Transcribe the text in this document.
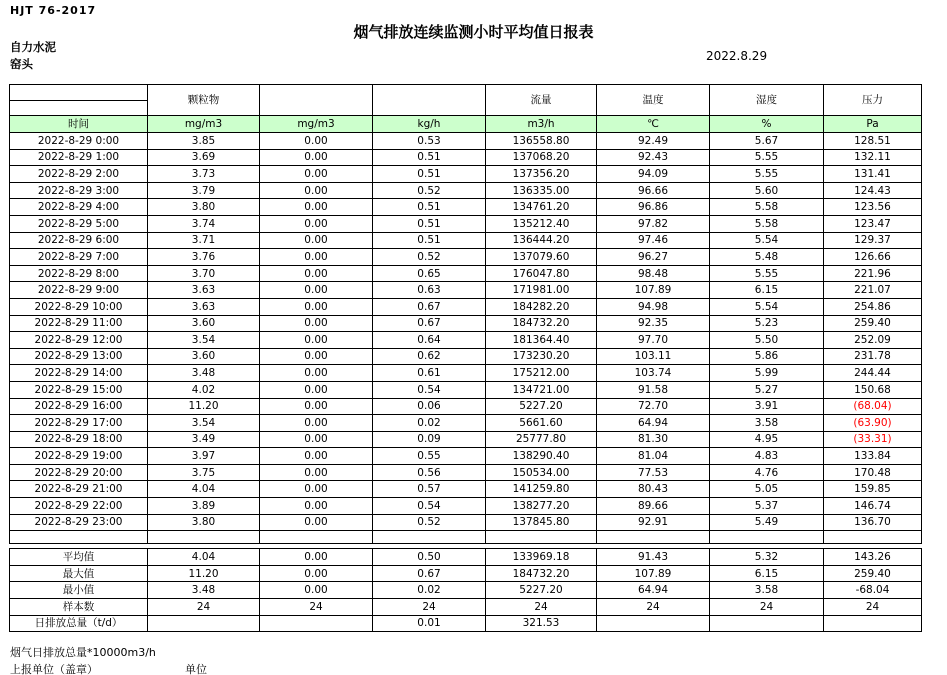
HJT 76-2017
烟气排放连续监测小时平均值日报表
自力水泥
窑头
2022.8.29
	颗粒物			流量	温度	湿度	压力

时间	mg/m3	mg/m3	kg/h	m3/h	℃	%	Pa
2022-8-29 0:00	3.85	0.00	0.53	136558.80	92.49	5.67	128.51
2022-8-29 1:00	3.69	0.00	0.51	137068.20	92.43	5.55	132.11
2022-8-29 2:00	3.73	0.00	0.51	137356.20	94.09	5.55	131.41
2022-8-29 3:00	3.79	0.00	0.52	136335.00	96.66	5.60	124.43
2022-8-29 4:00	3.80	0.00	0.51	134761.20	96.86	5.58	123.56
2022-8-29 5:00	3.74	0.00	0.51	135212.40	97.82	5.58	123.47
2022-8-29 6:00	3.71	0.00	0.51	136444.20	97.46	5.54	129.37
2022-8-29 7:00	3.76	0.00	0.52	137079.60	96.27	5.48	126.66
2022-8-29 8:00	3.70	0.00	0.65	176047.80	98.48	5.55	221.96
2022-8-29 9:00	3.63	0.00	0.63	171981.00	107.89	6.15	221.07
2022-8-29 10:00	3.63	0.00	0.67	184282.20	94.98	5.54	254.86
2022-8-29 11:00	3.60	0.00	0.67	184732.20	92.35	5.23	259.40
2022-8-29 12:00	3.54	0.00	0.64	181364.40	97.70	5.50	252.09
2022-8-29 13:00	3.60	0.00	0.62	173230.20	103.11	5.86	231.78
2022-8-29 14:00	3.48	0.00	0.61	175212.00	103.74	5.99	244.44
2022-8-29 15:00	4.02	0.00	0.54	134721.00	91.58	5.27	150.68
2022-8-29 16:00	11.20	0.00	0.06	5227.20	72.70	3.91	(68.04)
2022-8-29 17:00	3.54	0.00	0.02	5661.60	64.94	3.58	(63.90)
2022-8-29 18:00	3.49	0.00	0.09	25777.80	81.30	4.95	(33.31)
2022-8-29 19:00	3.97	0.00	0.55	138290.40	81.04	4.83	133.84
2022-8-29 20:00	3.75	0.00	0.56	150534.00	77.53	4.76	170.48
2022-8-29 21:00	4.04	0.00	0.57	141259.80	80.43	5.05	159.85
2022-8-29 22:00	3.89	0.00	0.54	138277.20	89.66	5.37	146.74
2022-8-29 23:00	3.80	0.00	0.52	137845.80	92.91	5.49	136.70

平均值	4.04	0.00	0.50	133969.18	91.43	5.32	143.26
最大值	11.20	0.00	0.67	184732.20	107.89	6.15	259.40
最小值	3.48	0.00	0.02	5227.20	64.94	3.58	-68.04
样本数	24	24	24	24	24	24	24
日排放总量（t/d）			0.01	321.53			
烟气日排放总量*10000m3/h
上报单位（盖章）	单位
